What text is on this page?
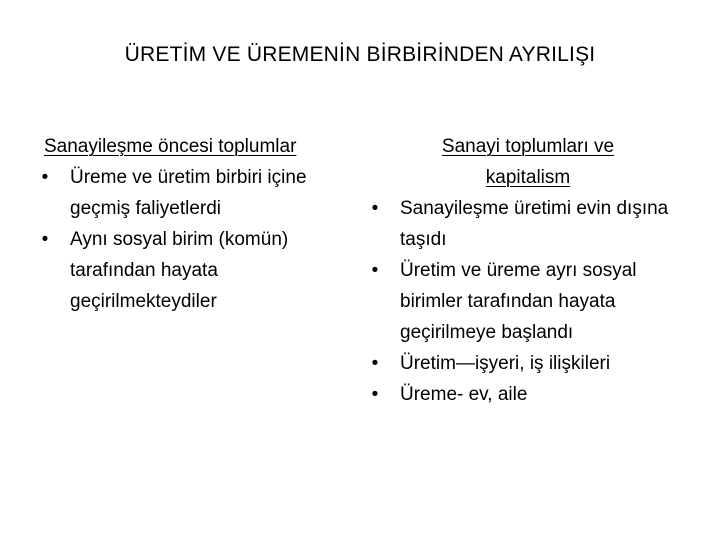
ÜRETİM VE ÜREMENİN BİRBİRİNDEN AYRILIŞI
Sanayileşme öncesi toplumlar
• Üreme ve üretim birbiri içine geçmiş faliyetlerdi
• Aynı sosyal birim (komün) tarafından hayata geçirilmekteydiler
Sanayi toplumları ve kapitalism
• Sanayileşme üretimi evin dışına taşıdı
• Üretim ve üreme ayrı sosyal birimler tarafından hayata geçirilmeye başlandı
• Üretim—işyeri, iş ilişkileri
• Üreme- ev, aile
